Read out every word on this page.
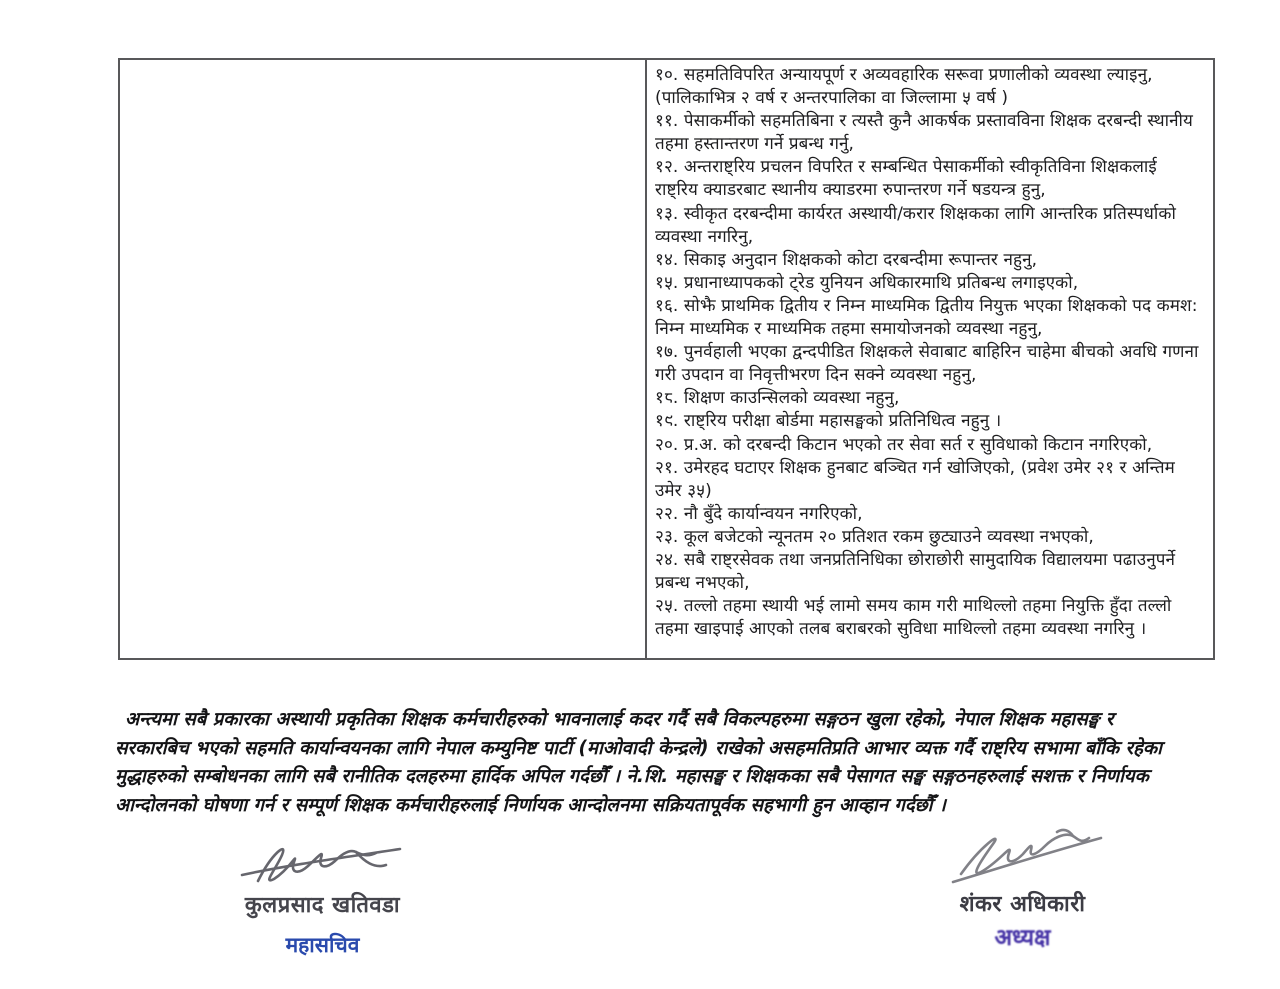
१०. सहमतिविपरित अन्यायपूर्ण र अव्यवहारिक सरूवा प्रणालीको व्यवस्था ल्याइनु, (पालिकाभित्र २ वर्ष र अन्तरपालिका वा जिल्लामा ५ वर्ष )
११. पेसाकर्मीको सहमतिबिना र त्यस्तै कुनै आकर्षक प्रस्तावविना शिक्षक दरबन्दी स्थानीय तहमा हस्तान्तरण गर्ने प्रबन्ध गर्नु,
१२. अन्तराष्ट्रिय प्रचलन विपरित र सम्बन्धित पेसाकर्मीको स्वीकृतिविना शिक्षकलाई राष्ट्रिय क्याडरबाट स्थानीय क्याडरमा रुपान्तरण गर्ने षडयन्त्र हुनु,
१३. स्वीकृत दरबन्दीमा कार्यरत अस्थायी/करार शिक्षकका लागि आन्तरिक प्रतिस्पर्धाको व्यवस्था नगरिनु,
१४. सिकाइ अनुदान शिक्षकको कोटा दरबन्दीमा रूपान्तर नहुनु,
१५. प्रधानाध्यापकको ट्रेड युनियन अधिकारमाथि प्रतिबन्ध लगाइएको,
१६. सोझै प्राथमिक द्वितीय र निम्न माध्यमिक द्वितीय नियुक्त भएका शिक्षकको पद कमश: निम्न माध्यमिक र माध्यमिक तहमा समायोजनको व्यवस्था नहुनु,
१७. पुनर्वहाली भएका द्वन्दपीडित शिक्षकले सेवाबाट बाहिरिन चाहेमा बीचको अवधि गणना गरी उपदान वा निवृत्तीभरण दिन सक्ने व्यवस्था नहुनु,
१८. शिक्षण काउन्सिलको व्यवस्था नहुनु,
१९. राष्ट्रिय परीक्षा बोर्डमा महासङ्घको प्रतिनिधित्व नहुनु ।
२०. प्र.अ. को दरबन्दी किटान भएको तर सेवा सर्त र सुविधाको किटान नगरिएको,
२१. उमेरहद घटाएर शिक्षक हुनबाट बञ्चित गर्न खोजिएको, (प्रवेश उमेर २१ र अन्तिम उमेर ३५)
२२. नौ बुँदे कार्यान्वयन नगरिएको,
२३. कूल बजेटको न्यूनतम २० प्रतिशत रकम छुट्याउने व्यवस्था नभएको,
२४. सबै राष्ट्रसेवक तथा जनप्रतिनिधिका छोराछोरी सामुदायिक विद्यालयमा पढाउनुपर्ने प्रबन्ध नभएको,
२५. तल्लो तहमा स्थायी भई लामो समय काम गरी माथिल्लो तहमा नियुक्ति हुँदा तल्लो तहमा खाइपाई आएको तलब बराबरको सुविधा माथिल्लो तहमा व्यवस्था नगरिनु ।
अन्त्यमा सबै प्रकारका अस्थायी प्रकृतिका शिक्षक कर्मचारीहरुको भावनालाई कदर गर्दै सबै विकल्पहरुमा सङ्गठन खुला रहेको, नेपाल शिक्षक महासङ्घ र सरकारबिच भएको सहमति कार्यान्वयनका लागि नेपाल कम्युनिष्ट पार्टी (माओवादी केन्द्रले) राखेको असहमतिप्रति आभार व्यक्त गर्दै राष्ट्रिय सभामा बाँकि रहेका मुद्धाहरुको सम्बोधनका लागि सबै रानीतिक दलहरुमा हार्दिक अपिल गर्दछौँ । ने.शि. महासङ्घ र शिक्षकका सबै पेसागत सङ्घ सङ्गठनहरुलाई सशक्त र निर्णायक आन्दोलनको घोषणा गर्न र सम्पूर्ण शिक्षक कर्मचारीहरुलाई निर्णायक आन्दोलनमा सक्रियतापूर्वक सहभागी हुन आव्हान गर्दछौँ ।
कुलप्रसाद खतिवडा
महासचिव
शंकर अधिकारी
अध्यक्ष
